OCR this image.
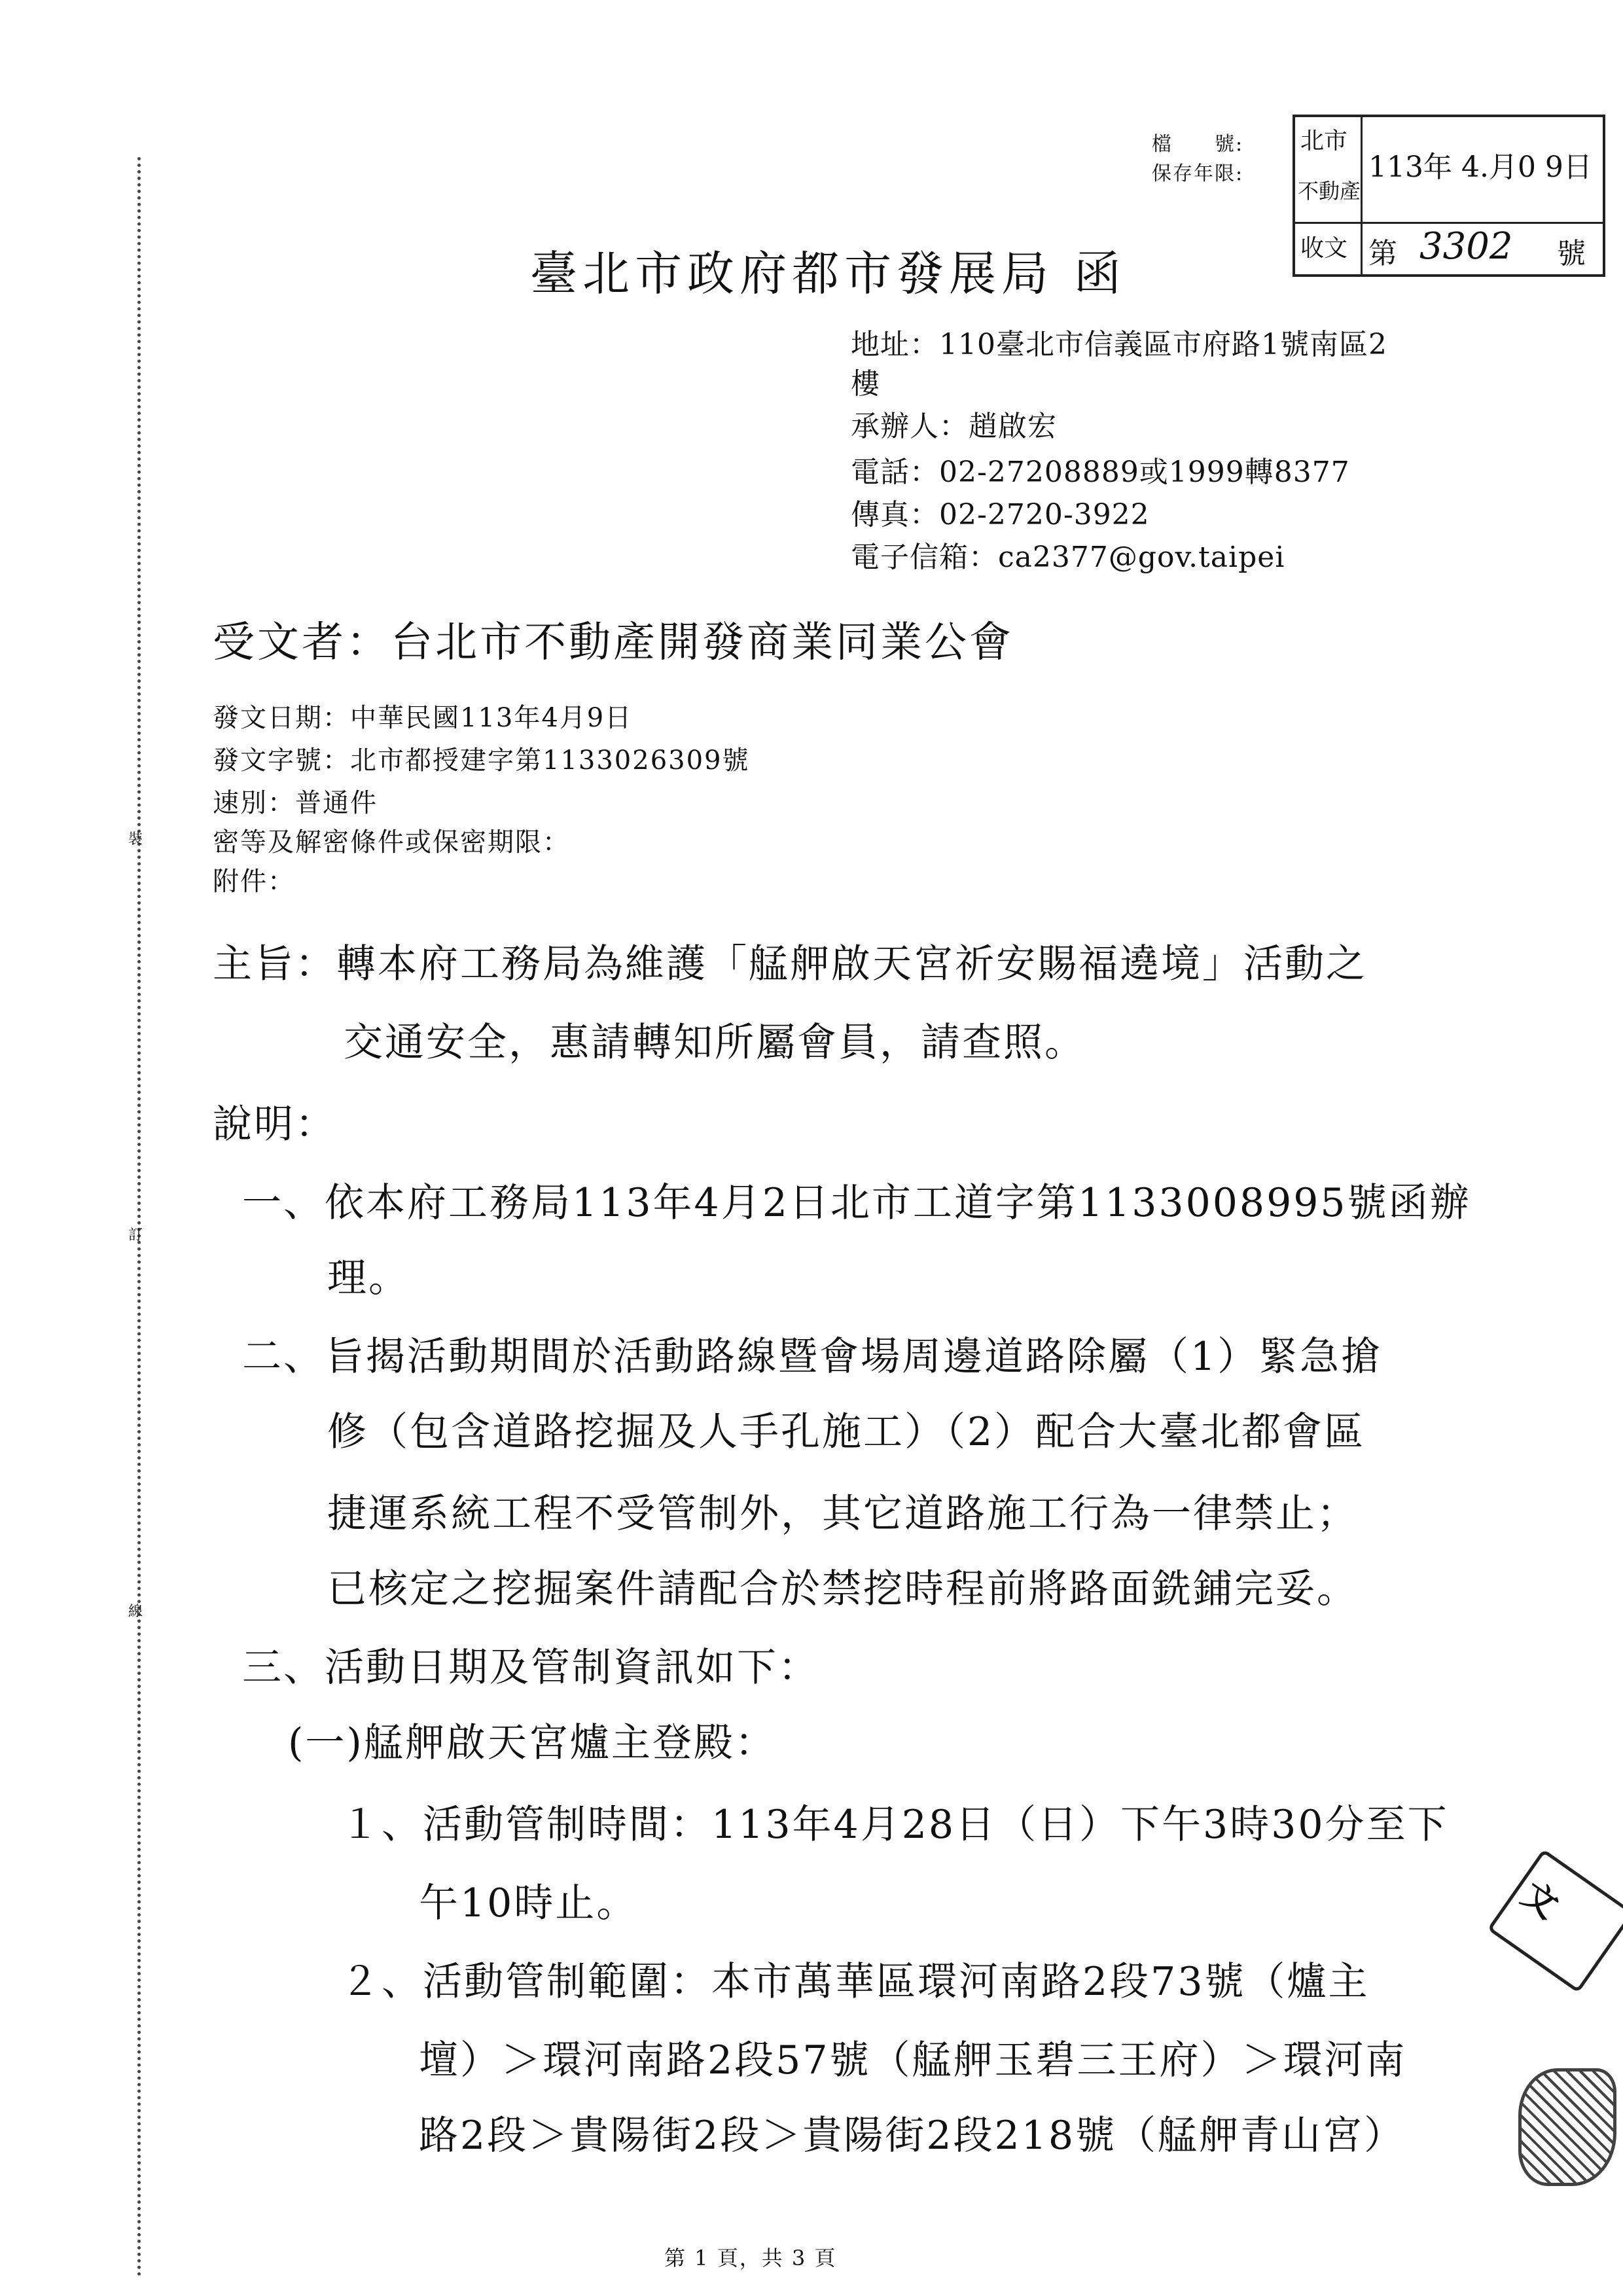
裝
訂
線
檔　　號:
保存年限:
北市
不動產
收文
113年 4.月0 9日
第 3302 號
臺北市政府都市發展局 函
地址：110臺北市信義區市府路1號南區2
樓
承辦人：趙啟宏
電話：02-27208889或1999轉8377
傳真：02-2720-3922
電子信箱：ca2377@gov.taipei
受文者：台北市不動產開發商業同業公會
發文日期：中華民國113年4月9日
發文字號：北市都授建字第1133026309號
速別：普通件
密等及解密條件或保密期限：
附件：
主旨：轉本府工務局為維護「艋舺啟天宮祈安賜福遶境」活動之
交通安全，惠請轉知所屬會員，請查照。
說明：
一、依本府工務局113年4月2日北市工道字第1133008995號函辦
理。
二、旨揭活動期間於活動路線暨會場周邊道路除屬（1）緊急搶
修（包含道路挖掘及人手孔施工）（2）配合大臺北都會區
捷運系統工程不受管制外，其它道路施工行為一律禁止；
已核定之挖掘案件請配合於禁挖時程前將路面銑鋪完妥。
三、活動日期及管制資訊如下：
(一)艋舺啟天宮爐主登殿：
１、活動管制時間：113年4月28日（日）下午3時30分至下
午10時止。
２、活動管制範圍：本市萬華區環河南路2段73號（爐主
壇）＞環河南路2段57號（艋舺玉碧三王府）＞環河南
路2段＞貴陽街2段＞貴陽街2段218號（艋舺青山宮）
文
第 1 頁，共 3 頁
